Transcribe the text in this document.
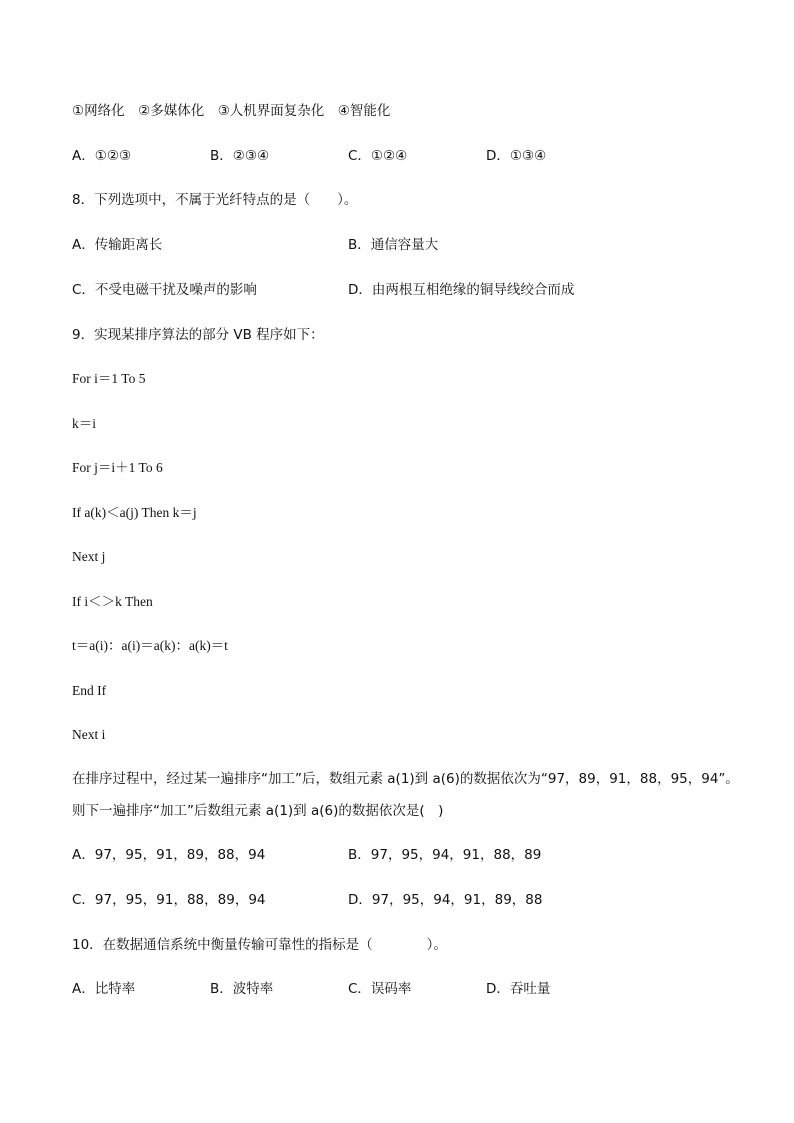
①网络化　②多媒体化　③人机界面复杂化　④智能化
A．①②③	B．②③④	C．①②④	D．①③④
8．下列选项中，不属于光纤特点的是（　　）。
A．传输距离长	B．通信容量大
C．不受电磁干扰及噪声的影响	D．由两根互相绝缘的铜导线绞合而成
9．实现某排序算法的部分 VB 程序如下：
For i＝1 To 5
k＝i
For j＝i＋1 To 6
If a(k)＜a(j) Then k＝j
Next j
If i＜＞k Then
t＝a(i)：a(i)＝a(k)：a(k)＝t
End If
Next i
在排序过程中，经过某一遍排序“加工”后，数组元素 a(1)到 a(6)的数据依次为“97，89，91，88，95，94”。
则下一遍排序“加工”后数组元素 a(1)到 a(6)的数据依次是(　)
A．97，95，91，89，88，94	B．97，95，94，91，88，89
C．97，95，91，88，89，94	D．97，95，94，91，89，88
10．在数据通信系统中衡量传输可靠性的指标是（　　　　）。
A．比特率	B．波特率	C．误码率	D．吞吐量
